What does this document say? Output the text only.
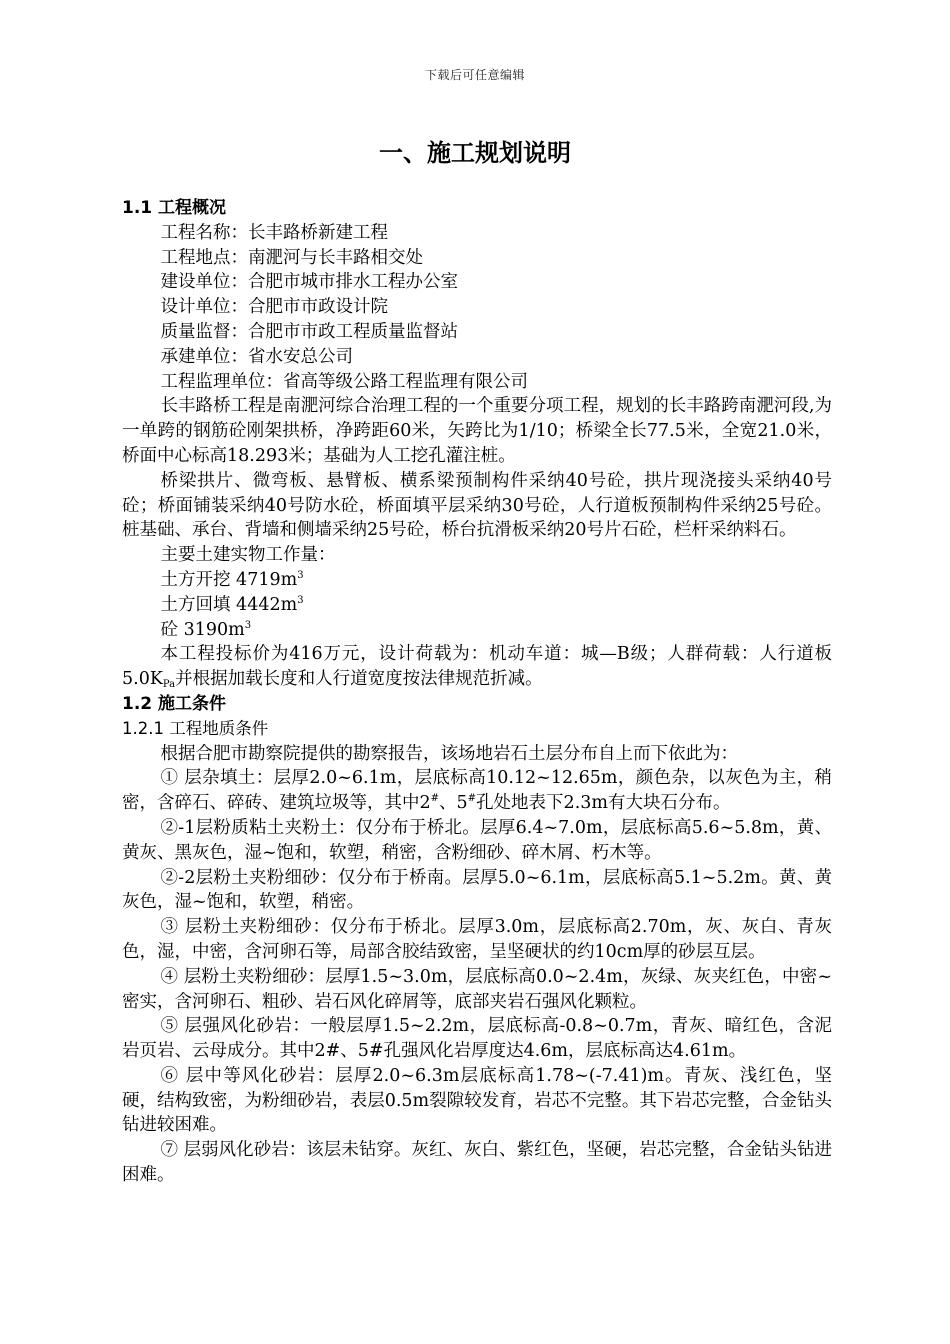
下载后可任意编辑
一、施工规划说明

1.1 工程概况

工程名称：长丰路桥新建工程

工程地点：南淝河与长丰路相交处

建设单位：合肥市城市排水工程办公室

设计单位：合肥市市政设计院

质量监督：合肥市市政工程质量监督站

承建单位：省水安总公司

工程监理单位：省高等级公路工程监理有限公司

长丰路桥工程是南淝河综合治理工程的一个重要分项工程，规划的长丰路跨南淝河段,为一单跨的钢筋砼刚架拱桥，净跨距60米，矢跨比为1/10；桥梁全长77.5米，全宽21.0米，桥面中心标高18.293米；基础为人工挖孔灌注桩。

桥梁拱片、微弯板、悬臂板、横系梁预制构件采纳40号砼，拱片现浇接头采纳40号砼；桥面铺装采纳40号防水砼，桥面填平层采纳30号砼，人行道板预制构件采纳25号砼。桩基础、承台、背墙和侧墙采纳25号砼，桥台抗滑板采纳20号片石砼，栏杆采纳料石。

主要土建实物工作量：

土方开挖 $4719m^3$

土方回填 $4442m^3$

砼 $3190m^3$

本工程投标价为416万元，设计荷载为：机动车道：城—B级；人群荷载：人行道板$5.0K_{Pa}$并根据加载长度和人行道宽度按法律规范折减。

1.2 施工条件

1.2.1 工程地质条件

根据合肥市勘察院提供的勘察报告，该场地岩石土层分布自上而下依此为：

① 层杂填土：层厚2.0~6.1m，层底标高10.12~12.65m，颜色杂，以灰色为主，稍密，含碎石、碎砖、建筑垃圾等，其中2#、5#孔处地表下2.3m有大块石分布。

②-1层粉质粘土夹粉土：仅分布于桥北。层厚6.4~7.0m，层底标高5.6~5.8m，黄、黄灰、黑灰色，湿~饱和，软塑，稍密，含粉细砂、碎木屑、朽木等。

②-2层粉土夹粉细砂：仅分布于桥南。层厚5.0~6.1m，层底标高5.1~5.2m。黄、黄灰色，湿~饱和，软塑，稍密。

③ 层粉土夹粉细砂：仅分布于桥北。层厚3.0m，层底标高2.70m，灰、灰白、青灰色，湿，中密，含河卵石等，局部含胶结致密，呈坚硬状的约10cm厚的砂层互层。

④ 层粉土夹粉细砂：层厚1.5~3.0m，层底标高0.0~2.4m，灰绿、灰夹红色，中密~密实，含河卵石、粗砂、岩石风化碎屑等，底部夹岩石强风化颗粒。

⑤ 层强风化砂岩：一般层厚1.5~2.2m，层底标高-0.8~0.7m，青灰、暗红色，含泥岩页岩、云母成分。其中2#、5#孔强风化岩厚度达4.6m，层底标高达4.61m。

⑥ 层中等风化砂岩：层厚2.0~6.3m层底标高1.78~(-7.41)m。青灰、浅红色，坚硬，结构致密，为粉细砂岩，表层0.5m裂隙较发育，岩芯不完整。其下岩芯完整，合金钻头钻进较困难。

⑦ 层弱风化砂岩：该层未钻穿。灰红、灰白、紫红色，坚硬，岩芯完整，合金钻头钻进困难。
